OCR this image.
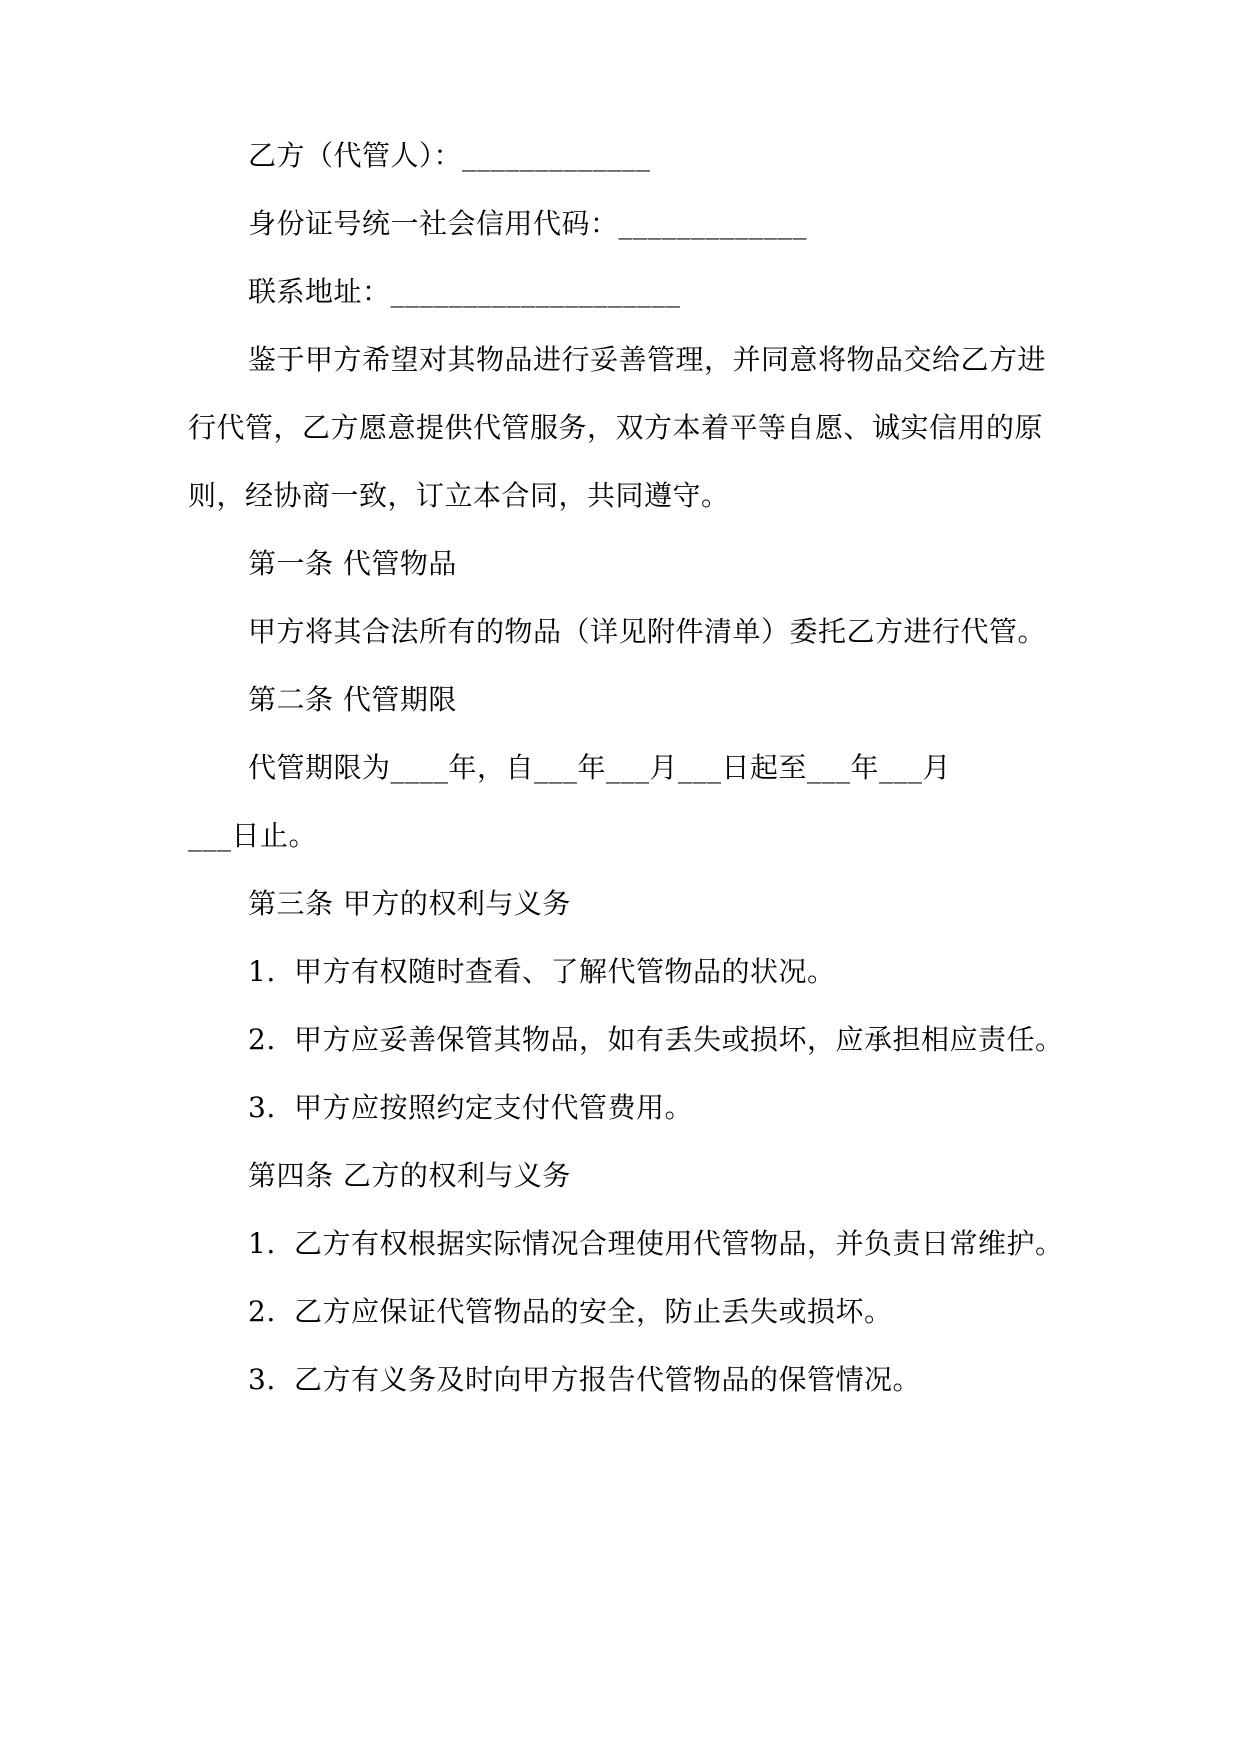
乙方（代管人）：_____________
身份证号统一社会信用代码：_____________
联系地址：____________________
鉴于甲方希望对其物品进行妥善管理，并同意将物品交给乙方进
行代管，乙方愿意提供代管服务，双方本着平等自愿、诚实信用的原
则，经协商一致，订立本合同，共同遵守。
第一条 代管物品
甲方将其合法所有的物品（详见附件清单）委托乙方进行代管。
第二条 代管期限
代管期限为____年，自___年___月___日起至___年___月
___日止。
第三条 甲方的权利与义务
1. 甲方有权随时查看、了解代管物品的状况。
2. 甲方应妥善保管其物品，如有丢失或损坏，应承担相应责任。
3. 甲方应按照约定支付代管费用。
第四条 乙方的权利与义务
1. 乙方有权根据实际情况合理使用代管物品，并负责日常维护。
2. 乙方应保证代管物品的安全，防止丢失或损坏。
3. 乙方有义务及时向甲方报告代管物品的保管情况。
